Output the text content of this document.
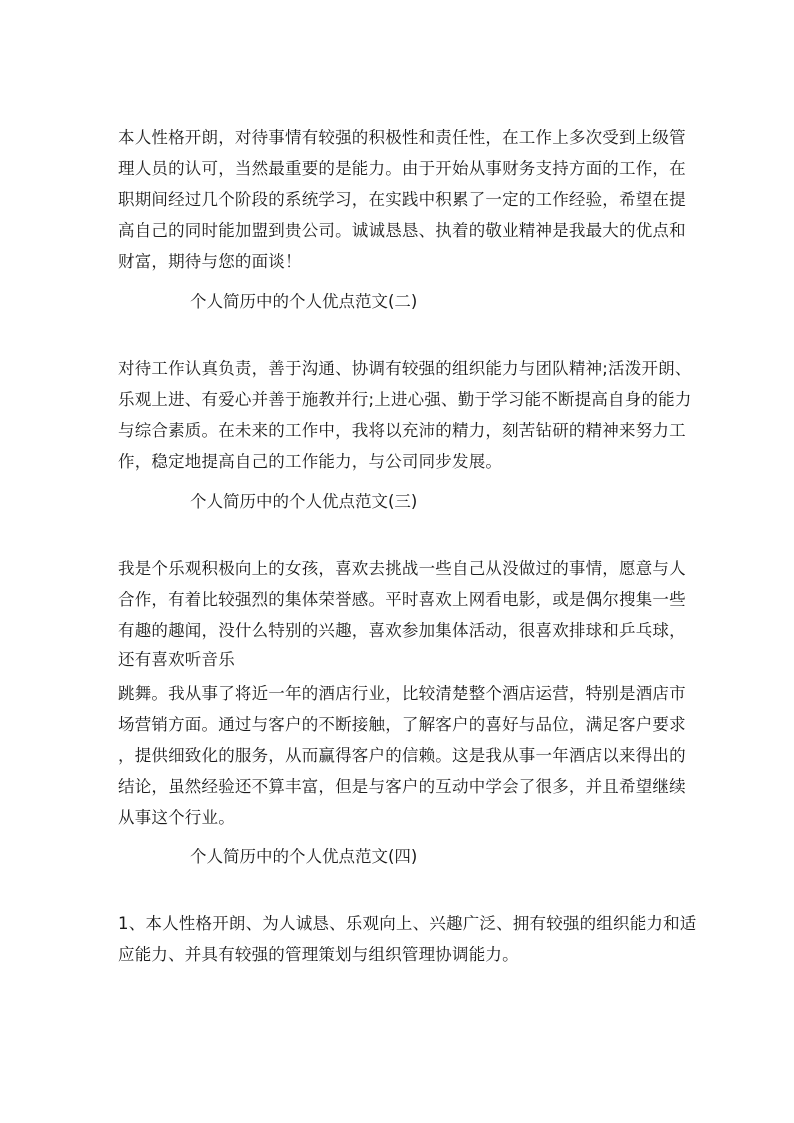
本人性格开朗，对待事情有较强的积极性和责任性，在工作上多次受到上级管
理人员的认可，当然最重要的是能力。由于开始从事财务支持方面的工作，在
职期间经过几个阶段的系统学习，在实践中积累了一定的工作经验，希望在提
高自己的同时能加盟到贵公司。诚诚恳恳、执着的敬业精神是我最大的优点和
财富，期待与您的面谈！
个人简历中的个人优点范文(二)
对待工作认真负责，善于沟通、协调有较强的组织能力与团队精神;活泼开朗、
乐观上进、有爱心并善于施教并行;上进心强、勤于学习能不断提高自身的能力
与综合素质。在未来的工作中，我将以充沛的精力，刻苦钻研的精神来努力工
作，稳定地提高自己的工作能力，与公司同步发展。
个人简历中的个人优点范文(三)
我是个乐观积极向上的女孩，喜欢去挑战一些自己从没做过的事情，愿意与人
合作，有着比较强烈的集体荣誉感。平时喜欢上网看电影，或是偶尔搜集一些
有趣的趣闻，没什么特别的兴趣，喜欢参加集体活动，很喜欢排球和乒乓球，
还有喜欢听音乐
跳舞。我从事了将近一年的酒店行业，比较清楚整个酒店运营，特别是酒店市
场营销方面。通过与客户的不断接触，了解客户的喜好与品位，满足客户要求
，提供细致化的服务，从而赢得客户的信赖。这是我从事一年酒店以来得出的
结论，虽然经验还不算丰富，但是与客户的互动中学会了很多，并且希望继续
从事这个行业。
个人简历中的个人优点范文(四)
1、本人性格开朗、为人诚恳、乐观向上、兴趣广泛、拥有较强的组织能力和适
应能力、并具有较强的管理策划与组织管理协调能力。
